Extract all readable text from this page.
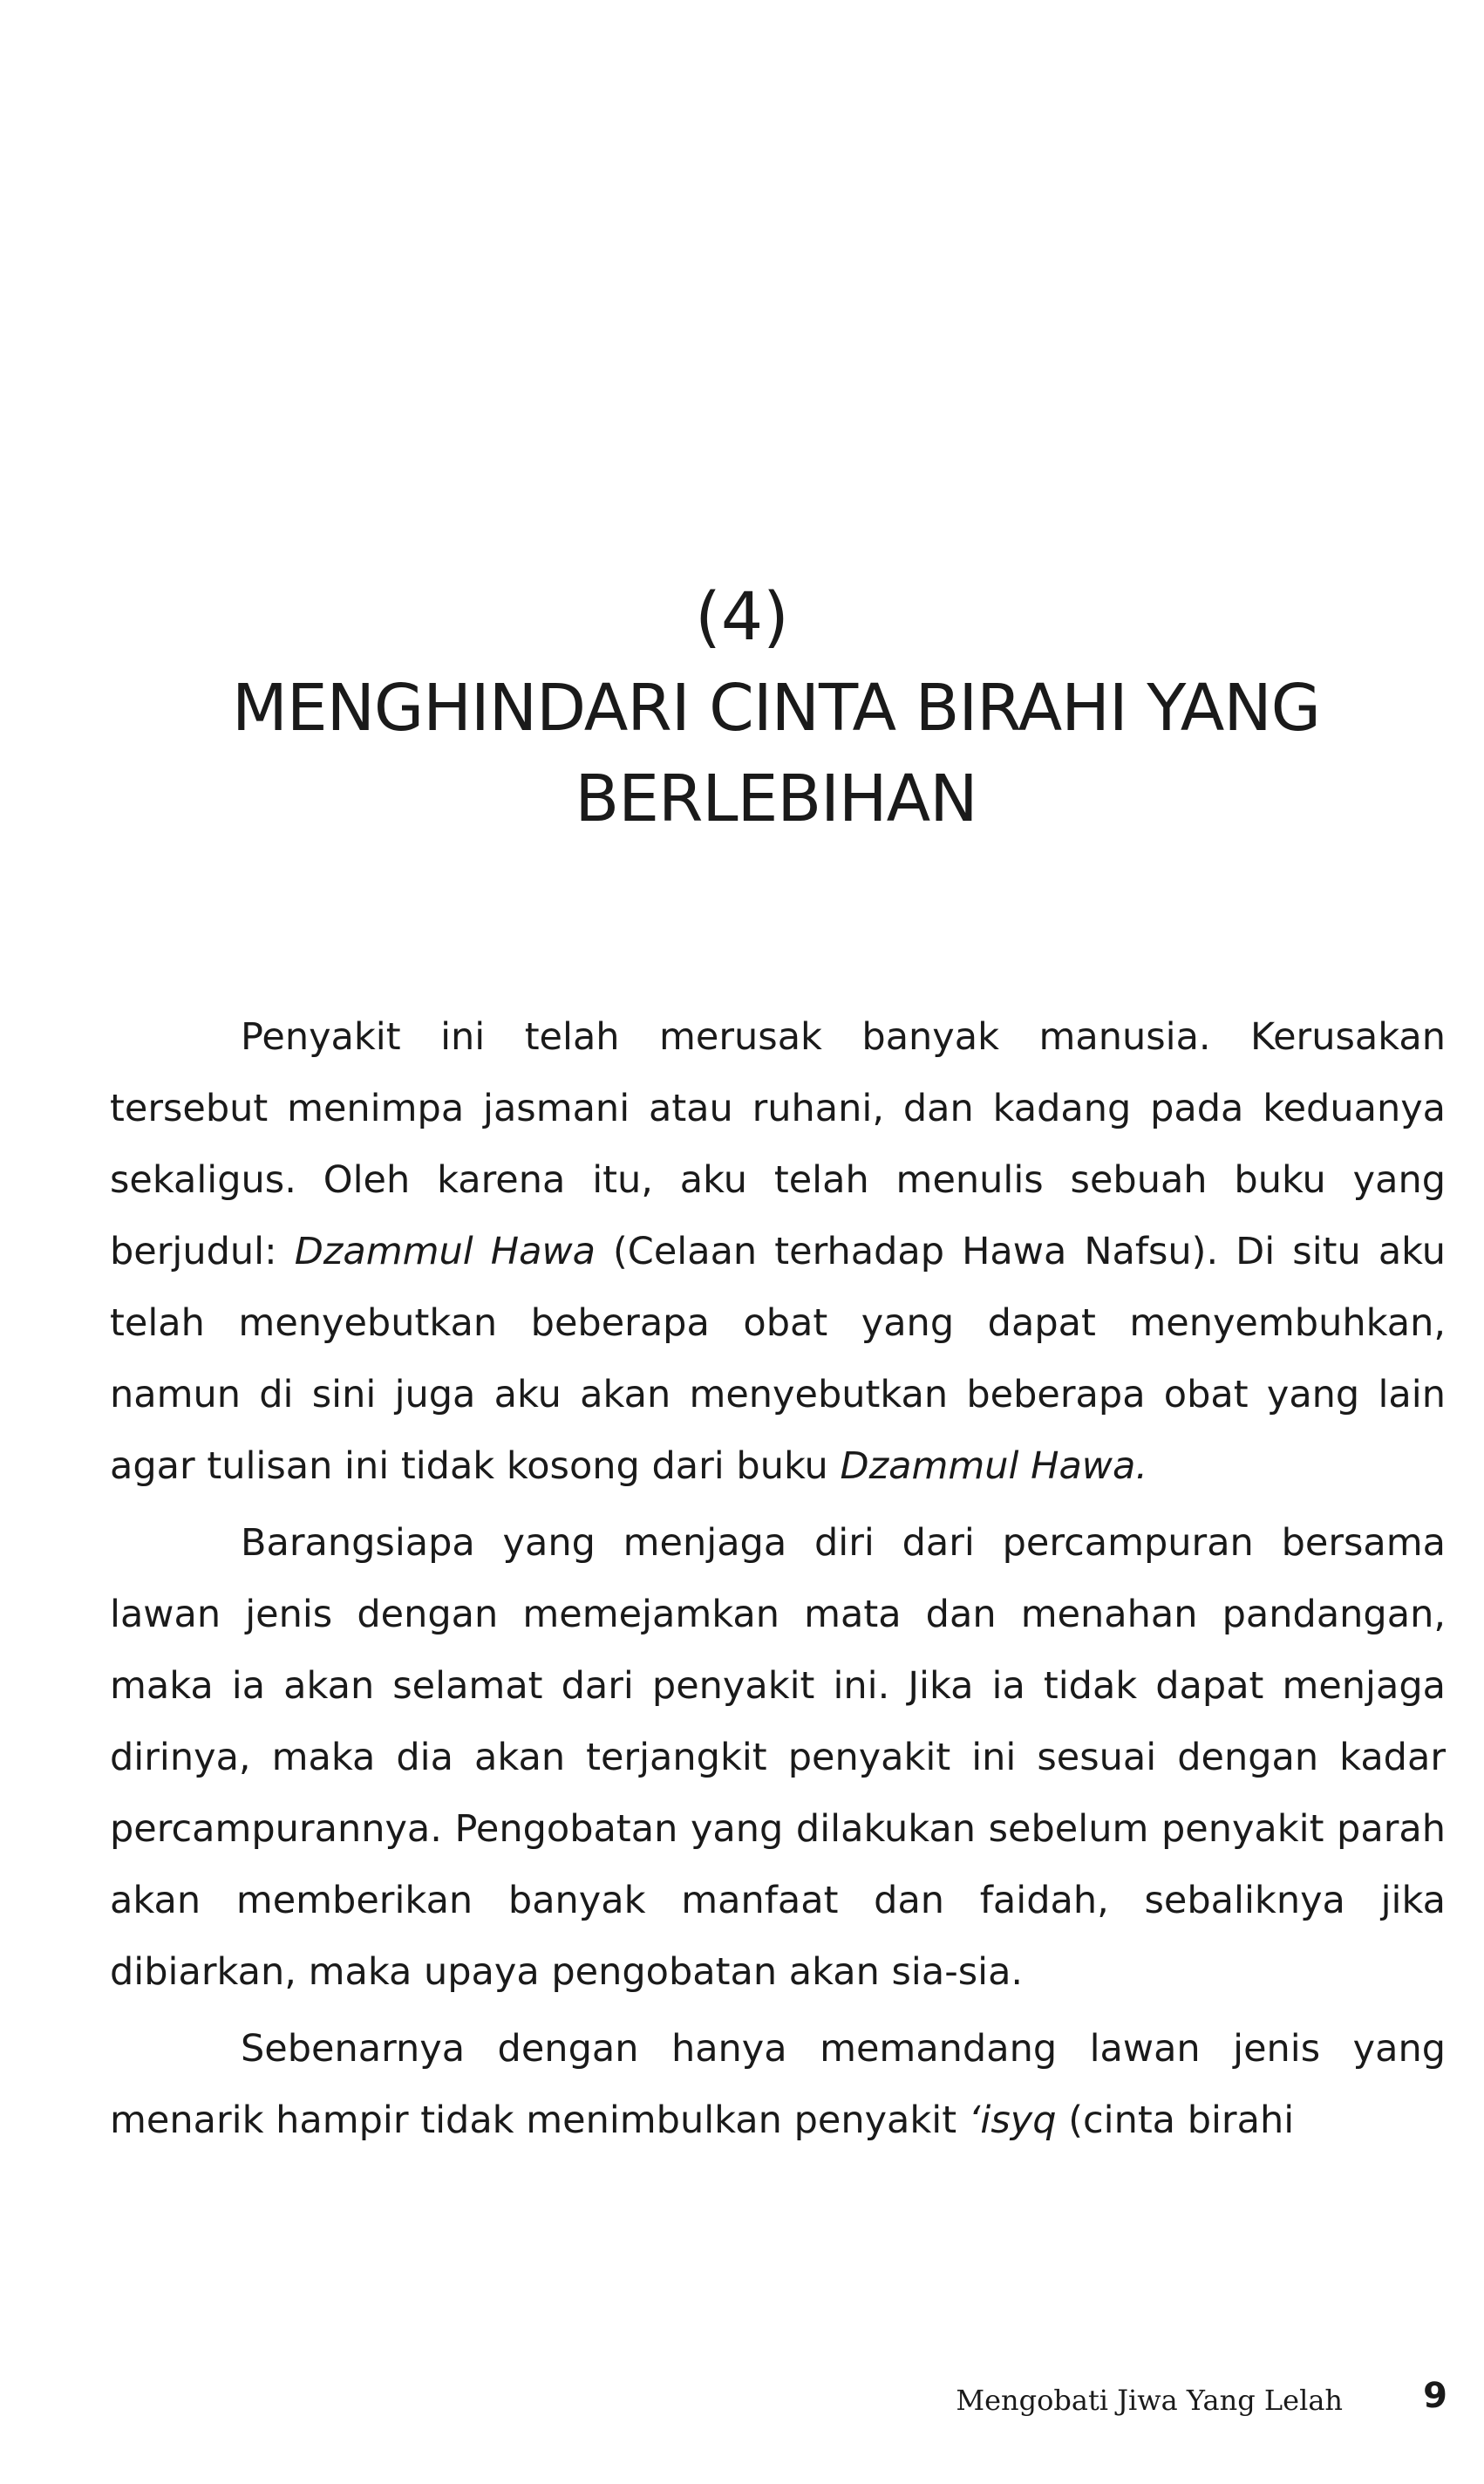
(4)
MENGHINDARI CINTA BIRAHI YANG
BERLEBIHAN

Penyakit ini telah merusak banyak manusia. Kerusakan tersebut menimpa jasmani atau ruhani, dan kadang pada keduanya sekaligus. Oleh karena itu, aku telah menulis sebuah buku yang berjudul: Dzammul Hawa (Celaan terhadap Hawa Nafsu). Di situ aku telah menyebutkan beberapa obat yang dapat menyembuhkan, namun di sini juga aku akan menyebutkan beberapa obat yang lain agar tulisan ini tidak kosong dari buku Dzammul Hawa.

Barangsiapa yang menjaga diri dari percampuran bersama lawan jenis dengan memejamkan mata dan menahan pandangan, maka ia akan selamat dari penyakit ini. Jika ia tidak dapat menjaga dirinya, maka dia akan terjangkit penyakit ini sesuai dengan kadar percampurannya. Pengobatan yang dilakukan sebelum penyakit parah akan memberikan banyak manfaat dan faidah, sebaliknya jika dibiarkan, maka upaya pengobatan akan sia-sia.

Sebenarnya dengan hanya memandang lawan jenis yang menarik hampir tidak menimbulkan penyakit ‘isyq (cinta birahi

Mengobati Jiwa Yang Lelah	9
